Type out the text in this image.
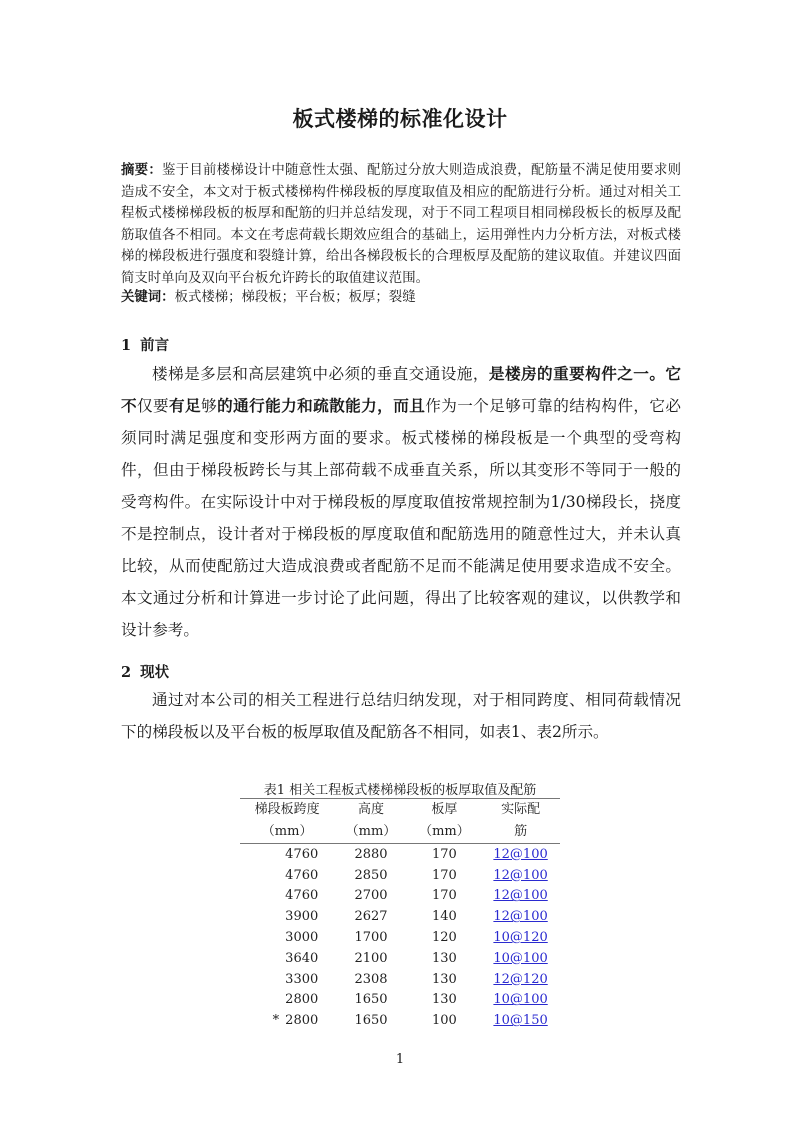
板式楼梯的标准化设计
摘要：鉴于目前楼梯设计中随意性太强、配筋过分放大则造成浪费，配筋量不满足使用要求则造成不安全，本文对于板式楼梯构件梯段板的厚度取值及相应的配筋进行分析。通过对相关工程板式楼梯梯段板的板厚和配筋的归并总结发现，对于不同工程项目相同梯段板长的板厚及配筋取值各不相同。本文在考虑荷载长期效应组合的基础上，运用弹性内力分析方法，对板式楼梯的梯段板进行强度和裂缝计算，给出各梯段板长的合理板厚及配筋的建议取值。并建议四面简支时单向及双向平台板允许跨长的取值建议范围。
关键词：板式楼梯；梯段板；平台板；板厚；裂缝
1 前言
楼梯是多层和高层建筑中必须的垂直交通设施，是楼房的重要构件之一。它不仅要有足够的通行能力和疏散能力，而且作为一个足够可靠的结构构件，它必须同时满足强度和变形两方面的要求。板式楼梯的梯段板是一个典型的受弯构件，但由于梯段板跨长与其上部荷载不成垂直关系，所以其变形不等同于一般的受弯构件。在实际设计中对于梯段板的厚度取值按常规控制为1/30梯段长，挠度不是控制点，设计者对于梯段板的厚度取值和配筋选用的随意性过大，并未认真比较，从而使配筋过大造成浪费或者配筋不足而不能满足使用要求造成不安全。本文通过分析和计算进一步讨论了此问题，得出了比较客观的建议，以供教学和设计参考。
2 现状
通过对本公司的相关工程进行总结归纳发现，对于相同跨度、相同荷载情况下的梯段板以及平台板的板厚取值及配筋各不相同，如表1、表2所示。
表1 相关工程板式楼梯梯段板的板厚取值及配筋
梯段板跨度	高度	板厚	实际配
（mm）	（mm）	（mm）	筋
4760	2880	170	12@100
4760	2850	170	12@100
4760	2700	170	12@100
3900	2627	140	12@100
3000	1700	120	10@120
3640	2100	130	10@100
3300	2308	130	12@120
2800	1650	130	10@100
* 2800	1650	100	10@150
1
